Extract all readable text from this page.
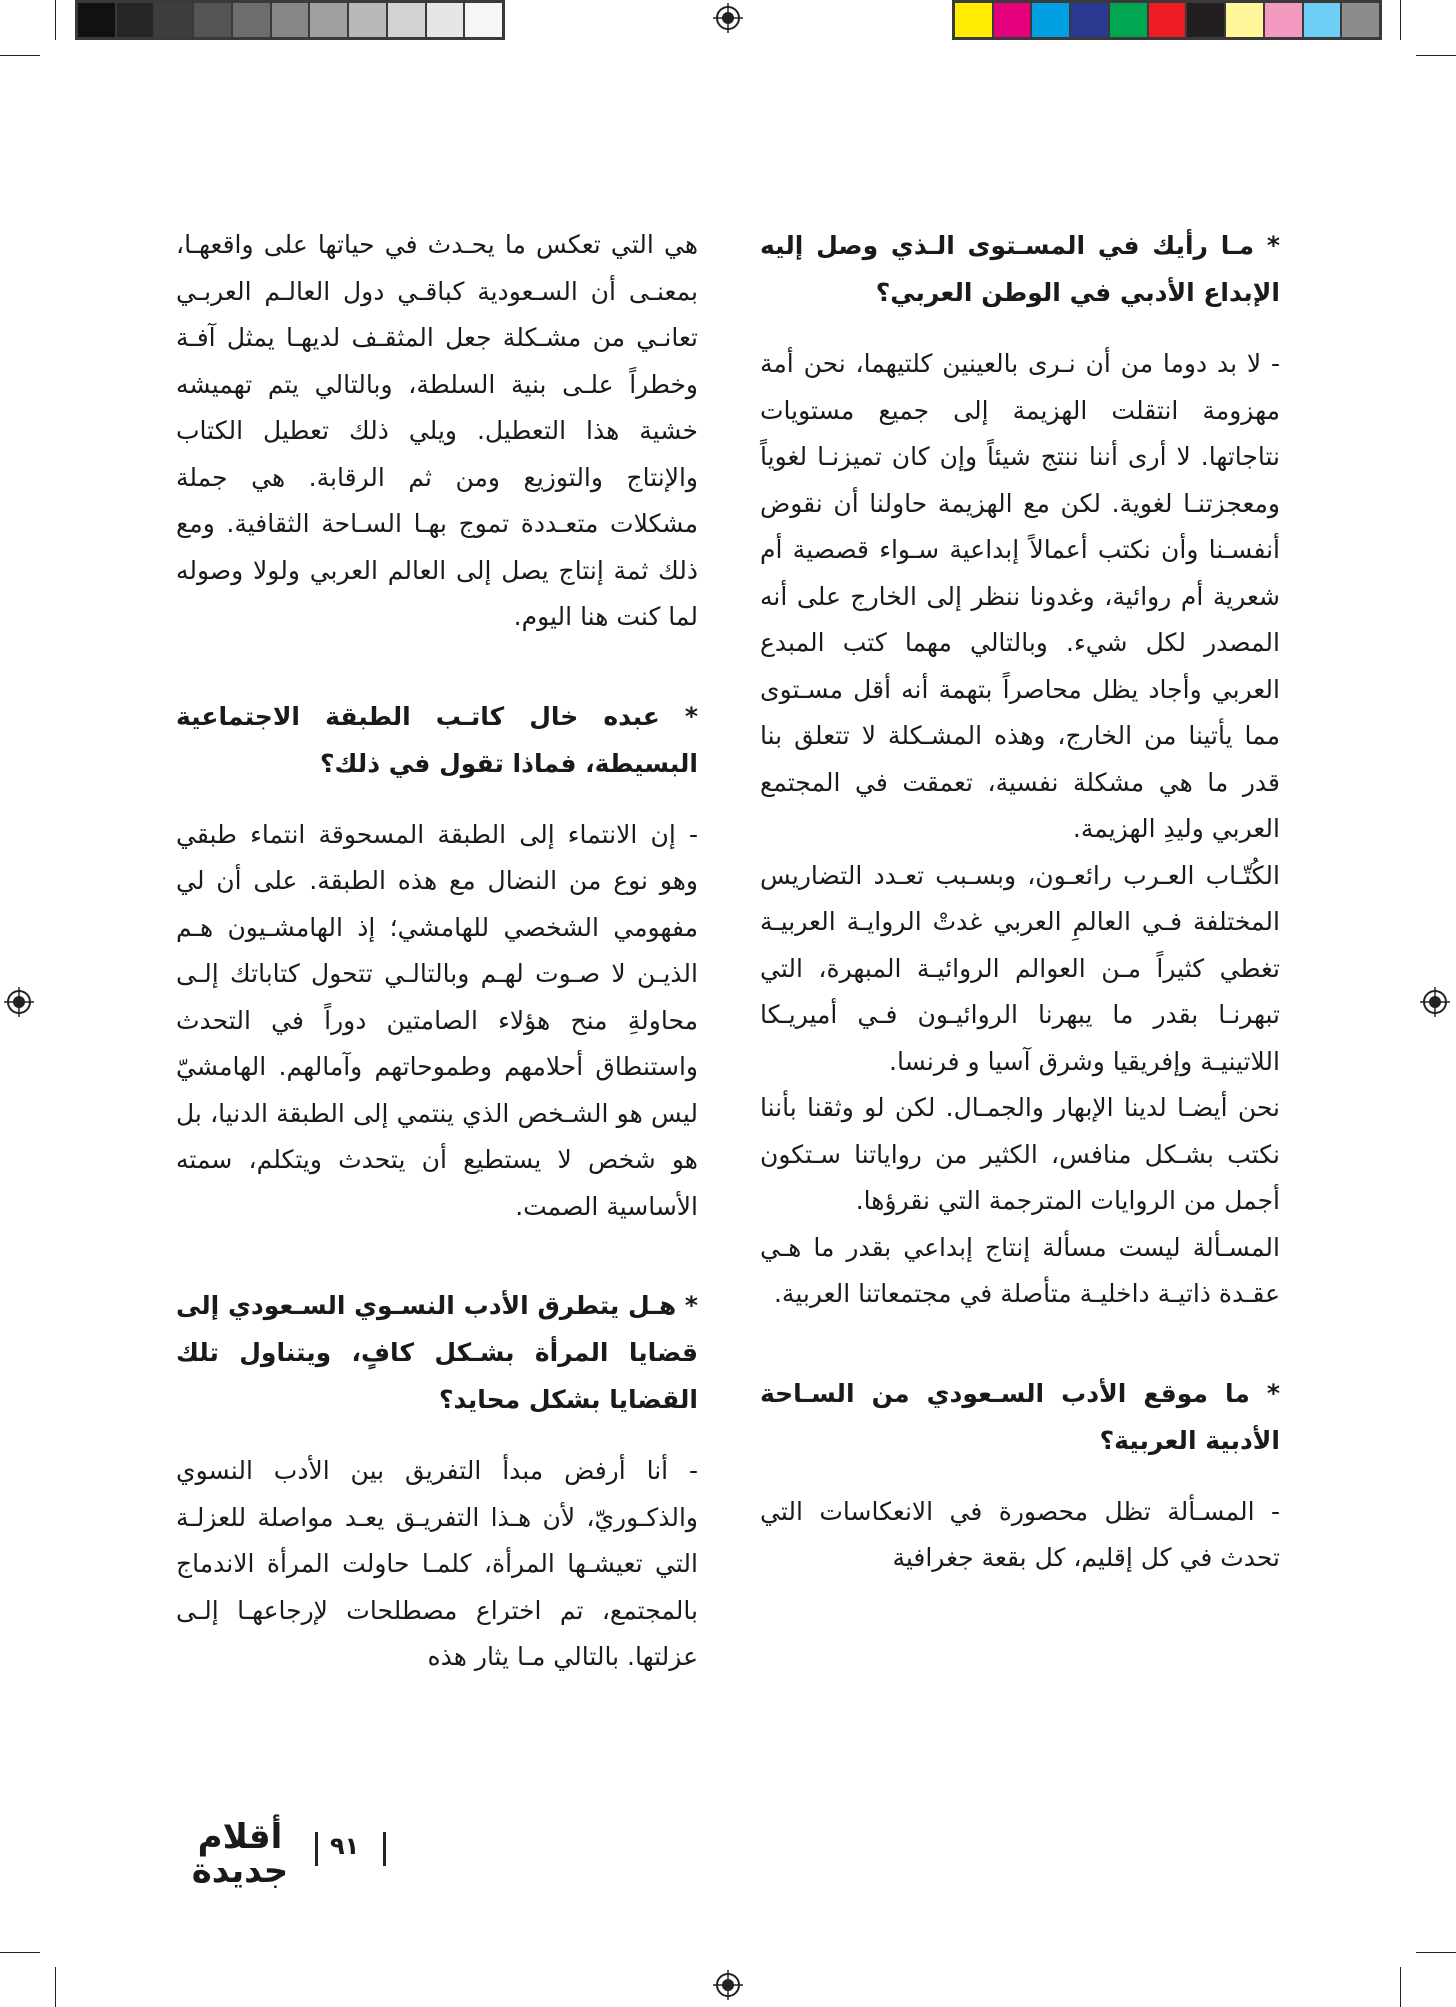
* مـا رأيك في المسـتوى الـذي وصل إليه الإبداع الأدبي في الوطن العربي؟

- لا بد دوما من أن نـرى بالعينين كلتيهما، نحن أمة مهزومة انتقلت الهزيمة إلى جميع مستويات نتاجاتها. لا أرى أننا ننتج شيئاً وإن كان تميزنـا لغوياً ومعجزتنـا لغوية. لكن مع الهزيمة حاولنا أن نقوض أنفسـنا وأن نكتب أعمالاً إبداعية سـواء قصصية أم شعرية أم روائية، وغدونا ننظر إلى الخارج على أنه المصدر لكل شيء. وبالتالي مهما كتب المبدع العربي وأجاد يظل محاصراً بتهمة أنه أقل مسـتوى مما يأتينا من الخارج، وهذه المشـكلة لا تتعلق بنا قدر ما هي مشكلة نفسية، تعمقت في المجتمع العربي وليدِ الهزيمة.

الكُتّـاب العـرب رائعـون، وبسـبب تعـدد التضاريس المختلفة فـي العالمِ العربي غدتْ الروايـة العربيـة تغطي كثيراً مـن العوالم الروائيـة المبهرة، التي تبهرنـا بقدر ما يبهرنا الروائيـون فـي أميريـكا اللاتينيـة وإفريقيا وشرق آسيا و فرنسا.

نحن أيضـا لدينا الإبهار والجمـال. لكن لو وثقنا بأننا نكتب بشـكل منافس، الكثير من رواياتنا سـتكون أجمل من الروايات المترجمة التي نقرؤها.

المسـألة ليست مسألة إنتاج إبداعي بقدر ما هـي عقـدة ذاتيـة داخليـة متأصلة في مجتمعاتنا العربية.

* ما موقع الأدب السـعودي من السـاحة الأدبية العربية؟

- المسـألة تظل محصورة في الانعكاسات التي تحدث في كل إقليم، كل بقعة جغرافية

هي التي تعكس ما يحـدث في حياتها على واقعهـا، بمعنـى أن السـعودية كباقـي دول العالـم العربـي تعانـي من مشـكلة جعل المثقـف لديهـا يمثل آفـة وخطراً علـى بنية السلطة، وبالتالي يتم تهميشه خشية هذا التعطيل. ويلي ذلك تعطيل الكتاب والإنتاج والتوزيع ومن ثم الرقابة. هي جملة مشكلات متعـددة تموج بهـا السـاحة الثقافية. ومع ذلك ثمة إنتاج يصل إلى العالم العربي ولولا وصوله لما كنت هنا اليوم.

* عبده خال كاتـب الطبقة الاجتماعية البسيطة، فماذا تقول في ذلك؟

- إن الانتماء إلى الطبقة المسحوقة انتماء طبقي وهو نوع من النضال مع هذه الطبقة. على أن لي مفهومي الشخصي للهامشي؛ إذ الهامشـيون هـم الذيـن لا صـوت لهـم وبالتالـي تتحول كتاباتك إلـى محاولةِ منح هؤلاء الصامتين دوراً في التحدث واستنطاق أحلامهم وطموحاتهم وآمالهم. الهامشيّ ليس هو الشـخص الذي ينتمي إلى الطبقة الدنيا، بل هو شخص لا يستطيع أن يتحدث ويتكلم، سمته الأساسية الصمت.

* هـل يتطرق الأدب النسـوي السـعودي إلى قضايا المرأة بشـكل كافٍ، ويتناول تلك القضايا بشكل محايد؟

- أنا أرفض مبدأ التفريق بين الأدب النسوي والذكـوريّ، لأن هـذا التفريـق يعـد مواصلة للعزلـة التي تعيشـها المرأة، كلمـا حاولت المرأة الاندماج بالمجتمع، تم اختراع مصطلحات لإرجاعهـا إلـى عزلتها. بالتالي مـا يثار هذه

أقلام
جديدة
٩١
